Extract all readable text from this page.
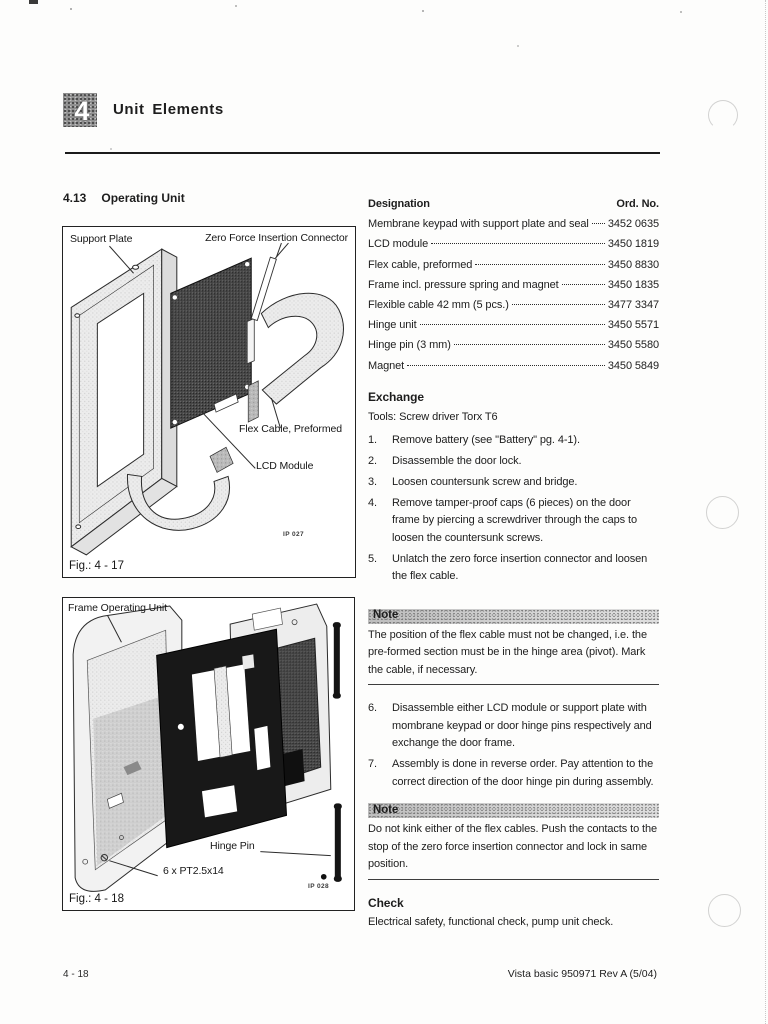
4 Unit Elements
4.13 Operating Unit
Support Plate	Zero Force Insertion Connector
Flex Cable, Preformed
LCD Module
IP 027
Fig.: 4 - 17
Frame Operating Unit
Hinge Pin
6 x PT2.5x14
IP 028
Fig.: 4 - 18
Designation	Ord. No.
Membrane keypad with support plate and seal 3452 0635
LCD module	3450 1819
Flex cable, preformed	3450 8830
Frame incl. pressure spring and magnet	3450 1835
Flexible cable 42 mm (5 pcs.)	3477 3347
Hinge unit	3450 5571
Hinge pin (3 mm)	3450 5580
Magnet	3450 5849
Exchange
Tools: Screw driver Torx T6
1.	Remove battery (see "Battery" pg. 4-1).
2.	Disassemble the door lock.
3.	Loosen countersunk screw and bridge.
4.	Remove tamper-proof caps (6 pieces) on the door frame by piercing a screwdriver through the caps to loosen the countersunk screws.
5.	Unlatch the zero force insertion connector and loosen the flex cable.
Note
The position of the flex cable must not be changed, i.e. the pre-formed section must be in the hinge area (pivot). Mark the cable, if necessary.
6.	Disassemble either LCD module or support plate with mombrane keypad or door hinge pins respectively and exchange the door frame.
7.	Assembly is done in reverse order. Pay attention to the correct direction of the door hinge pin during assembly.
Note
Do not kink either of the flex cables. Push the contacts to the stop of the zero force insertion connector and lock in same position.
Check
Electrical safety, functional check, pump unit check.
4 - 18	Vista basic 950971 Rev A (5/04)
